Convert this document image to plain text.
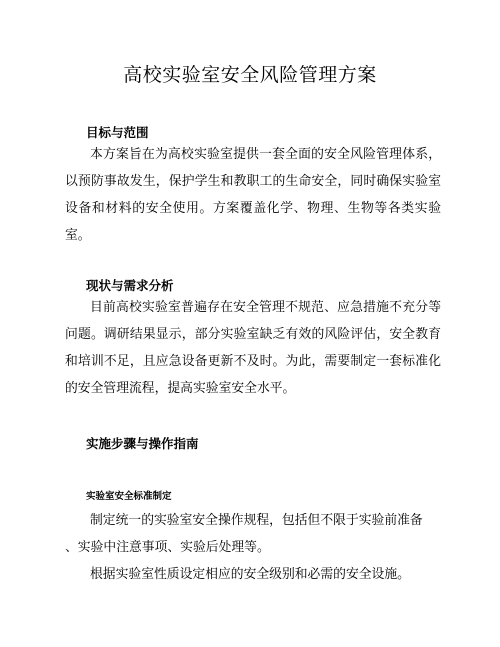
高校实验室安全风险管理方案
目标与范围

本方案旨在为高校实验室提供一套全面的安全风险管理体系，以预防事故发生，保护学生和教职工的生命安全，同时确保实验室设备和材料的安全使用。方案覆盖化学、物理、生物等各类实验室。

现状与需求分析

目前高校实验室普遍存在安全管理不规范、应急措施不充分等问题。调研结果显示，部分实验室缺乏有效的风险评估，安全教育和培训不足，且应急设备更新不及时。为此，需要制定一套标准化的安全管理流程，提高实验室安全水平。

实施步骤与操作指南
实验室安全标准制定

制定统一的实验室安全操作规程，包括但不限于实验前准备

、实验中注意事项、实验后处理等。

根据实验室性质设定相应的安全级别和必需的安全设施。
